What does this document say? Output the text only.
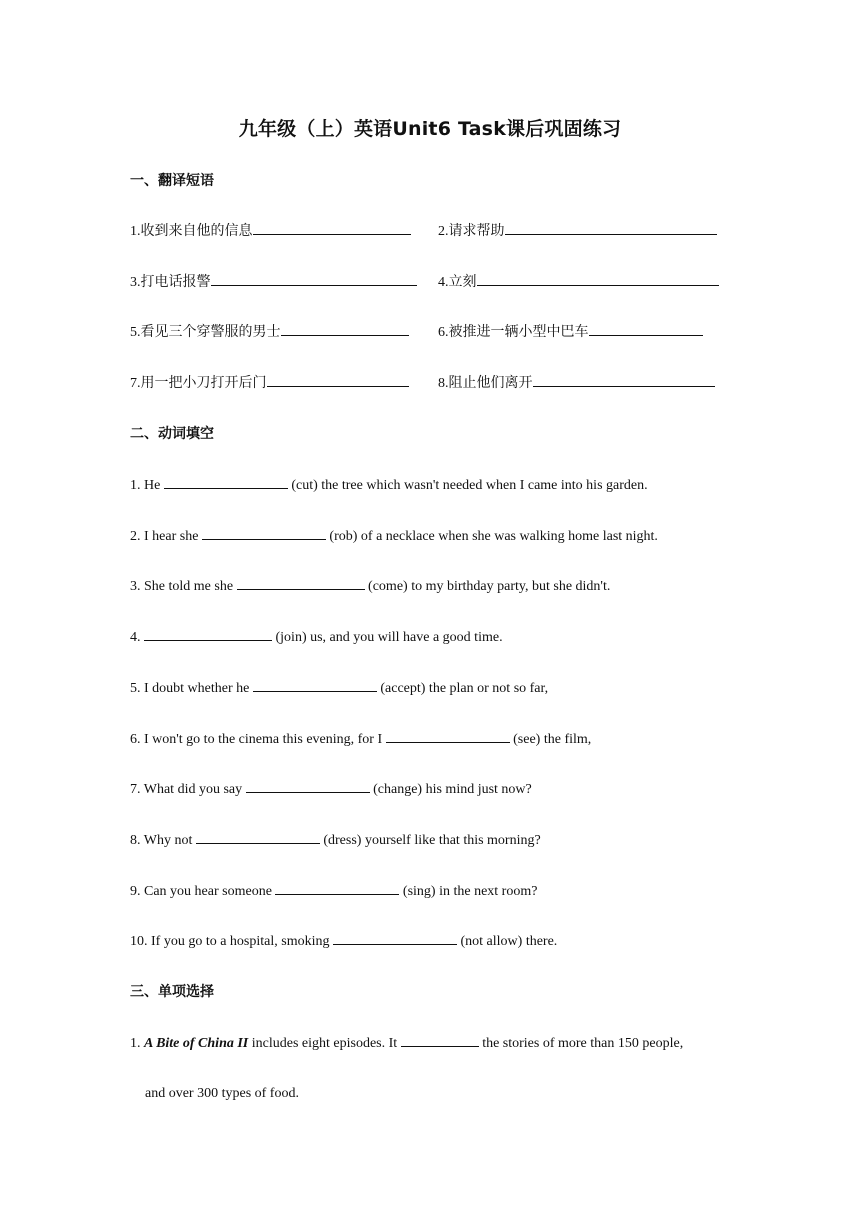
九年级（上）英语Unit6 Task课后巩固练习
一、翻译短语
1.收到来自他的信息	2.请求帮助
3.打电话报警	4.立刻
5.看见三个穿警服的男士	6.被推进一辆小型中巴车
7.用一把小刀打开后门	8.阻止他们离开
二、动词填空
1. He	(cut) the tree which wasn't needed when I came into his garden.
2. I hear she	(rob) of a necklace when she was walking home last night.
3. She told me she	(come) to my birthday party, but she didn't.
4.	(join) us, and you will have a good time.
5. I doubt whether he	(accept) the plan or not so far,
6. I won't go to the cinema this evening, for I	(see) the film,
7. What did you say	(change) his mind just now?
8. Why not	(dress) yourself like that this morning?
9. Can you hear someone	(sing) in the next room?
10. If you go to a hospital, smoking	(not allow) there.
三、单项选择
1. A Bite of China II includes eight episodes. It	the stories of more than 150 people,
and over 300 types of food.
